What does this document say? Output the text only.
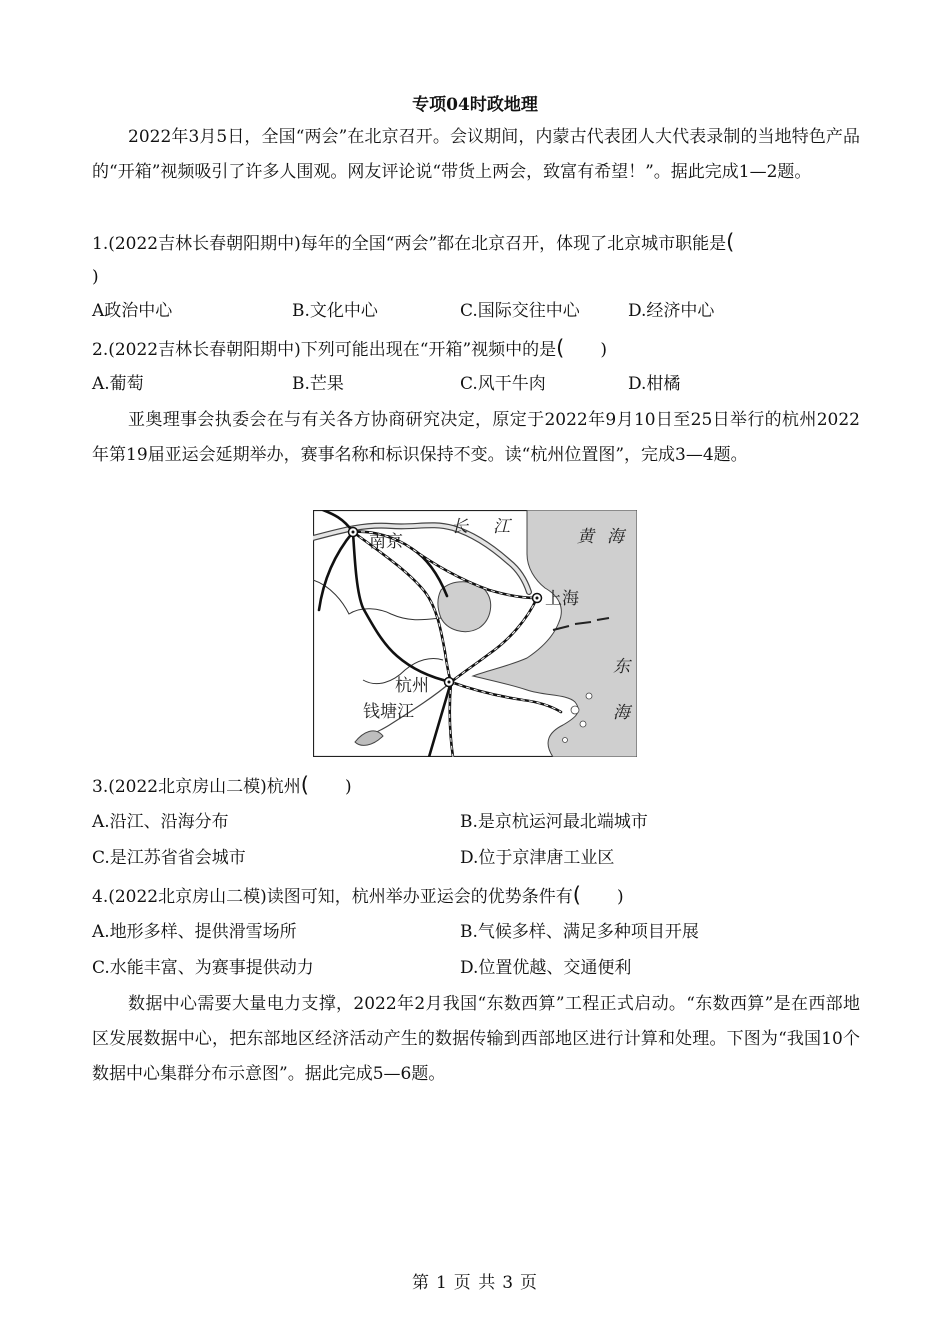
专项04时政地理

2022年3月5日，全国“两会”在北京召开。会议期间，内蒙古代表团人大代表录制的当地特色产品的“开箱”视频吸引了许多人围观。网友评论说“带货上两会，致富有希望！”。据此完成1—2题。

1.(2022吉林长春朝阳期中)每年的全国“两会”都在北京召开，体现了北京城市职能是(
)
A政治中心	B.文化中心	C.国际交往中心	D.经济中心
2.(2022吉林长春朝阳期中)下列可能出现在“开箱”视频中的是( )
A.葡萄	B.芒果	C.风干牛肉	D.柑橘

亚奥理事会执委会在与有关各方协商研究决定，原定于2022年9月10日至25日举行的杭州2022年第19届亚运会延期举办，赛事名称和标识保持不变。读“杭州位置图”，完成3—4题。

南京
长 江	黄 海
上海
东
海
杭州
钱塘江
3.(2022北京房山二模)杭州( )
A.沿江、沿海分布	B.是京杭运河最北端城市
C.是江苏省省会城市	D.位于京津唐工业区
4.(2022北京房山二模)读图可知，杭州举办亚运会的优势条件有( )
A.地形多样、提供滑雪场所	B.气候多样、满足多种项目开展
C.水能丰富、为赛事提供动力	D.位置优越、交通便利

数据中心需要大量电力支撑，2022年2月我国“东数西算”工程正式启动。“东数西算”是在西部地区发展数据中心，把东部地区经济活动产生的数据传输到西部地区进行计算和处理。下图为“我国10个数据中心集群分布示意图”。据此完成5—6题。

第 1 页 共 3 页
